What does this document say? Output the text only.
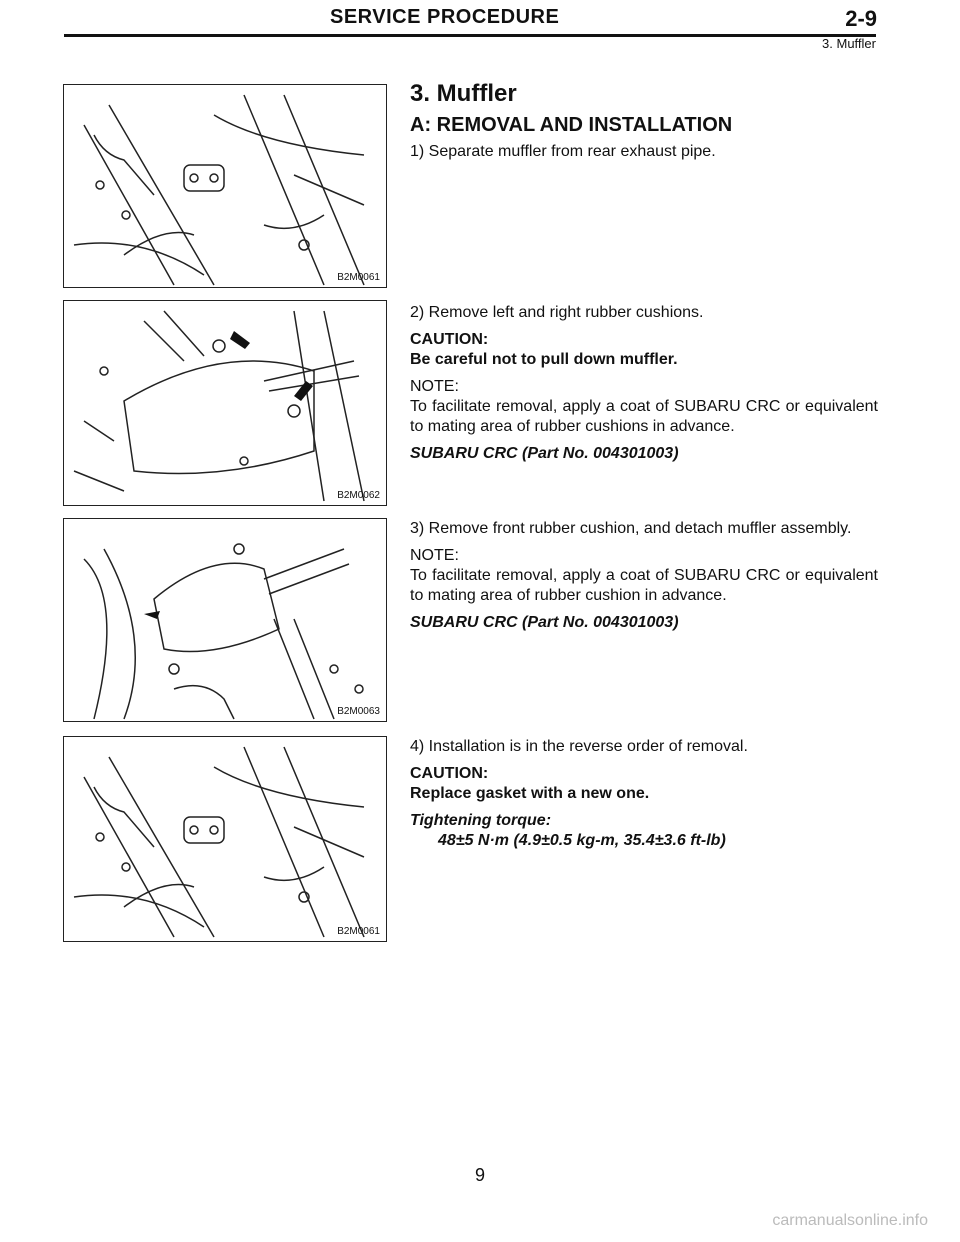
SERVICE PROCEDURE	2-9
3. Muffler
B2M0061
B2M0062
B2M0063
B2M0061
3. Muffler
A: REMOVAL AND INSTALLATION

1) Separate muffler from rear exhaust pipe.

2) Remove left and right rubber cushions.

CAUTION:

Be careful not to pull down muffler.

NOTE:

To facilitate removal, apply a coat of SUBARU CRC or equivalent to mating area of rubber cushions in advance.

SUBARU CRC (Part No. 004301003)

3) Remove front rubber cushion, and detach muffler assembly.

NOTE:

To facilitate removal, apply a coat of SUBARU CRC or equivalent to mating area of rubber cushion in advance.

SUBARU CRC (Part No. 004301003)

4) Installation is in the reverse order of removal.

CAUTION:

Replace gasket with a new one.

Tightening torque:
48±5 N·m (4.9±0.5 kg-m, 35.4±3.6 ft-lb)
9
carmanualsonline.info
